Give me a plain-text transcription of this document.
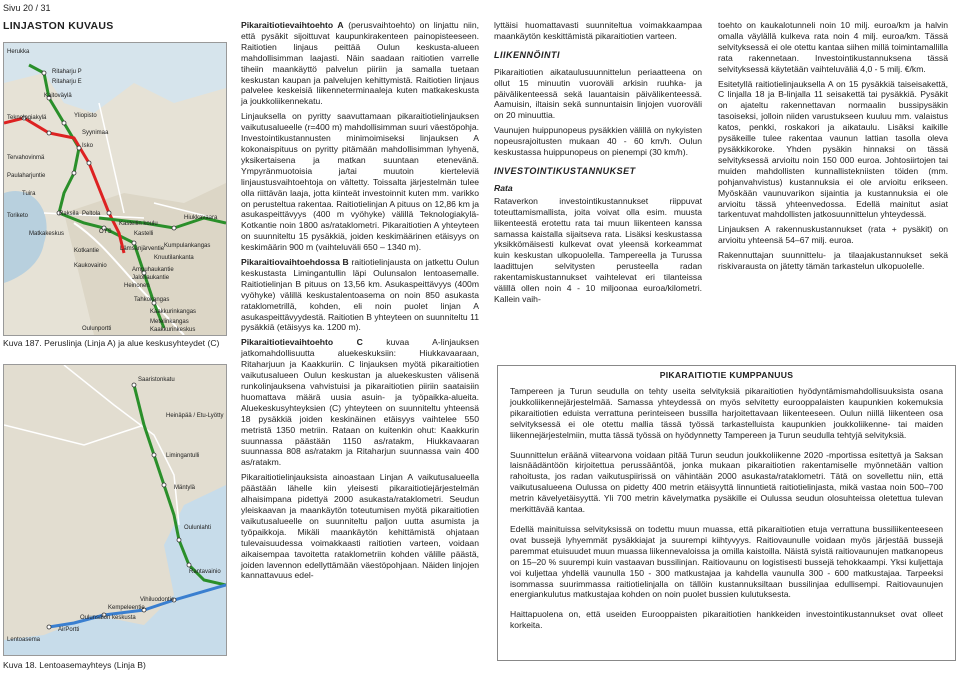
Sivu 20 / 31
LINJASTON KUVAUS
Herukka
Ritaharju P
Ritaharju E
Kaitoväylä
Teknologiakylä	Yliopisto
Syynimaa
Isko
Tervahovinmä
Paulaharjuntie
Tuira
Toriketo	Raksila Peltola
Matkakeskus	OYS
Kastellin koulu
Kastelli
Hiukkavaara
Kotkantie
Kaukovainio
Lämsänjärventie Kumpulankangas
Knuutilankanta
Ampuhaukantie
Jalohaukantie
Heinonen
Tahkokangas
Kaakkurinkangas
Metelinkangas
Kaakkurinkeskus
Oulunportti
Kuva 187. Peruslinja (Linja A) ja alue keskusyhteydet (C)
Saaristonkatu
Heinäpää / Etu-Lyötty
Limingantulli
Mäntylä
Oulunlahti
Rantavainio
Vihiluodontie
Kempeleentie
Oulunsalon keskusta
AirPortti
Lentoasema
Kuva 18. Lentoasemayhteys (Linja B)

Pikaraitiotievaihtoehto A (perusvaihtoehto) on linjattu niin, että pysäkit sijoittuvat kaupunkirakenteen painopisteeseen. Raitiotien linjaus peittää Oulun keskusta-alueen mahdollisimman laajasti. Näin saadaan raitiotien varrelle tiheiin maankäyttö palvelun piiriin ja samalla tuetaan keskustan kaupan ja palvelujen kehittymistä. Raitiotien linjaus palvelee keskeisiä liikenneterminaaleja kuten matkakeskusta ja joukkoliikennekatu.

Linjauksella on pyritty saavuttamaan pikaraitiotielinjauksen vaikutusalueelle (r=400 m) mahdollisimman suuri väestöpohja. Investointikustannusten minimoimiseksi linjauksen A kokonaispituus on pyritty pitämään mahdollisimman lyhyenä, yksikertaisena ja matkan suuntaan etenevänä. Ympyränmuotoisia ja/tai muutoin kierteleviä linjaustusvaihtoehtoja on vältetty. Toissalta järjestelmän tulee olla riittävän laaja, jotta kiinteät investoinnit kuten mm. varikko on perusteltua rakentaa. Raitiotielinjan A pituus on 12,86 km ja asukaspeittävyys (400 m vyöhyke) välillä Teknologiakylä-Kotkantie noin 1800 as/rataklometri. Pikaraitiotien A yhteyteen on suunniteltu 15 pysäkkiä, joiden keskimäärinen etäisyys on keskimäärin 900 m (vaihteluväli 650 – 1340 m).

Pikaraitiovaihtoehdossa B raitiotielinjausta on jatkettu Oulun keskustasta Limingantullin läpi Oulunsalon lentoasemalle. Raitiotielinjan B pituus on 13,56 km. Asukaspeittävyys (400m vyöhyke) välillä keskustalentoasema on noin 850 asukasta rataklometrillä, kohden, eli noin puolet linjan A asukaspeittävyydestä. Raitiotien B yhteyteen on suunniteltu 11 pysäkkiä (etäisyys ka. 1200 m).

Pikaraitiotievaihtoehto C kuvaa A-linjauksen jatkomahdollisuutta aluekeskuksiin: Hiukkavaaraan, Ritaharjuun ja Kaakkuriin. C linjauksen myötä pikaraitiotien vaikutusalueen Oulun keskustan ja aluekeskusten välisenä runkolinjauksena vahvistuisi ja pikaraitiotien piiriin saataisiin huomattava määrä uusia asuin- ja työpaikka-alueita. Aluekeskusyhteyksien (C) yhteyteen on suunniteltu yhteensä 18 pysäkkiä joiden keskinäinen etäisyys vaihtelee 550 metristä 1350 metriin. Rataan on kuitenkin ohut: Kaakkurin suunnassa päästään 1150 as/ratakm, Hiukkavaaran suunnassa 808 as/ratakm ja Ritaharjun suunnassa vain 400 as/ratakm.

Pikaraitiotielinjauksista ainoastaan Linjan A vaikutusalueella päästään lähelle kiin yleisesti pikaraitiotiejärjestelmän alhaisimpana pidettyä 2000 asukasta/rataklometri. Seudun yleiskaavan ja maankäytön toteutumisen myötä pikaraitiotien vaikutusalueelle on suunniteltu paljon uutta asumista ja työpaikkoja. Mikäli maankäytön kehittämistä ohjataan tulevaisuudessa voimakkaasti raitiotien varteen, voidaan aikaisempaa tavoitetta rataklometriin kohden välille päästä, joiden lavennon edellyttämään väestöpohjaan. Näiden linjojen kannattavuus edel-

lyttäisi huomattavasti suunniteltua voimakkaampaa maankäytön keskittämistä pikaraitiotien varteen.

LIIKENNÖINTI

Pikaraitiotien aikataulusuunnittelun periaatteena on ollut 15 minuutin vuoroväli arkisin ruuhka- ja päivälikenteessä sekä lauantaisin päivälikenteessä. Aamuisin, iltaisin sekä sunnuntaisin linjojen vuoroväli on 20 minuuttia.

Vaunujen huippunopeus pysäkkien välillä on nykyisten nopeusrajoitusten mukaan 40 - 60 km/h. Oulun keskustassa huippunopeus on pienempi (30 km/h).

INVESTOINTIKUSTANNUKSET
Rata

Rataverkon investointikustannukset riippuvat toteuttamismallista, joita voivat olla esim. muusta liikenteestä erotettu rata tai muun liikenteen kanssa samassa kaistalla sijaitseva rata. Lisäksi keskustassa yksikkömäisesti kulkevat ovat yleensä korkeammat kuin keskustan ulkopuolella. Tampereella ja Turussa laadittujen selvitysten perusteella radan rakentamiskustannukset vaihtelevat eri tilanteissa välillä ollen noin 4 - 10 miljoonaa euroa/kilometri. Kallein vaih-

toehto on kaukalotunneli noin 10 milj. euroa/km ja halvin omalla väylällä kulkeva rata noin 4 milj. euroa/km. Tässä selvityksessä ei ole otettu kantaa siihen millä toimintamallilla rata rakennetaan. Investointikustannuksena tässä selvityksessä käytetään vaihteluväliä 4,0 - 5 milj. €/km.

Esitetyllä raitiotielinjauksella A on 15 pysäkkiä taiseisakettä, C linjalla 18 ja B-linjalla 11 seisakettä tai pysäkkiä. Pysäkit on ajateltu rakennettavan normaalin bussipysäkin tasoiseksi, jolloin niiden varustukseen kuuluu mm. valaistus katos, penkki, roskakori ja aikataulu. Lisäksi kaikille pysäkeille tulee rakentaa vaunun lattian tasolla oleva pysäkkikoroke. Yhden pysäkin hinnaksi on tässä selvityksessä arvioitu noin 150 000 euroa. Johtosiirtojen tai muiden mahdollisten kunnallistekniisten töiden (mm. pohjanvahvistus) kustannuksia ei ole arvioitu erikseen. Myöskään vaunuvarikon sijaintia ja kustannuksia ei ole arvioitu tässä yhteenvedossa. Edellä mainitut asiat tarkentuvat mahdollisten jatkosuunnittelun yhteydessä.

Linjauksen A rakennuskustannukset (rata + pysäkit) on arvioitu yhteensä 54–67 milj. euroa.

Rakennuttajan suunnittelu- ja tilaajakustannukset sekä riskivarausta on jätetty tämän tarkastelun ulkopuolelle.

PIKARAITIOTIE KUMPPANUUS

Tampereen ja Turun seudulla on tehty useita selvityksiä pikaraitiotien hyödyntämismahdollisuuksista osana joukkoliikennejärjestelmää. Samassa yhteydessä on myös selvitetty eurooppalaisten kaupunkien kokemuksia pikaraitiotien eduista verrattuna perinteiseen bussilla harjoitettavaan liikenteeseen. Oulun niillä liikenteen osa selvityksessä ei ole otettu mallia tässä työssä tarkastelluista kaupunkien joukkoliikenne- tai maiden liikennejärjestelmiin, mutta tässä työssä on hyödynnetty Tampereen ja Turun seudulla tehtyjä selvityksiä.

Suunnittelun eräänä viitearvona voidaan pitää Turun seudun joukkoliikenne 2020 -mportissa esitettyä ja Saksan laisnäädäntöön kirjoitettua perussääntöä, jonka mukaan pikaraitiotien rakentamiselle myönnetään valtion rahoitusta, jos radan vaikutuspiirissä on vähintään 2000 asukasta/rataklometri. Tätä on sovellettu niin, että vaikutusalueena Oulussa on pidetty 400 metrin etäisyyttä linnuntietä raitiotielinjasta, mikä vastaa noin 500–700 metrin kävelyetäisyyttä. Yli 700 metrin kävelymatka pysäkille ei Oulussa seudun olosuhteissa oletettua tulevan merkittävää kantaa.

Edellä mainituissa selvityksissä on todettu muun muassa, että pikaraitiotien etuja verrattuna bussiliikenteeseen ovat bussejä lyhyemmät pysäkkiajat ja suurempi kiihtyvyys. Raitiovaunulle voidaan myös järjestää bussejä paremmat etuisuudet muun muassa liikennevaloissa ja omilla kaistoilla. Näistä syistä raitiovaunujen matkanopeus on 15–20 % suurempi kuin vastaavan bussilinjan. Raitiovaunu on logistisesti bussejä tehokkaampi. Yksi kuljettaja voi kuljettaa yhdellä vaunulla 150 - 300 matkustajaa ja kahdella vaunulla 300 - 600 matkustajaa. Tarpeeksi isommassa suurimmassa raitiotielinjalla on tällöin kustannuksiltaan bussilinjaa edullisempi. Raitiovaunujen energiankulutus matkustajaa kohden on noin puolet bussien kulutuksesta.

Haittapuolena on, että useiden Eurooppaisten pikaraitiotien hankkeiden investointikustannukset ovat olleet korkeita.
